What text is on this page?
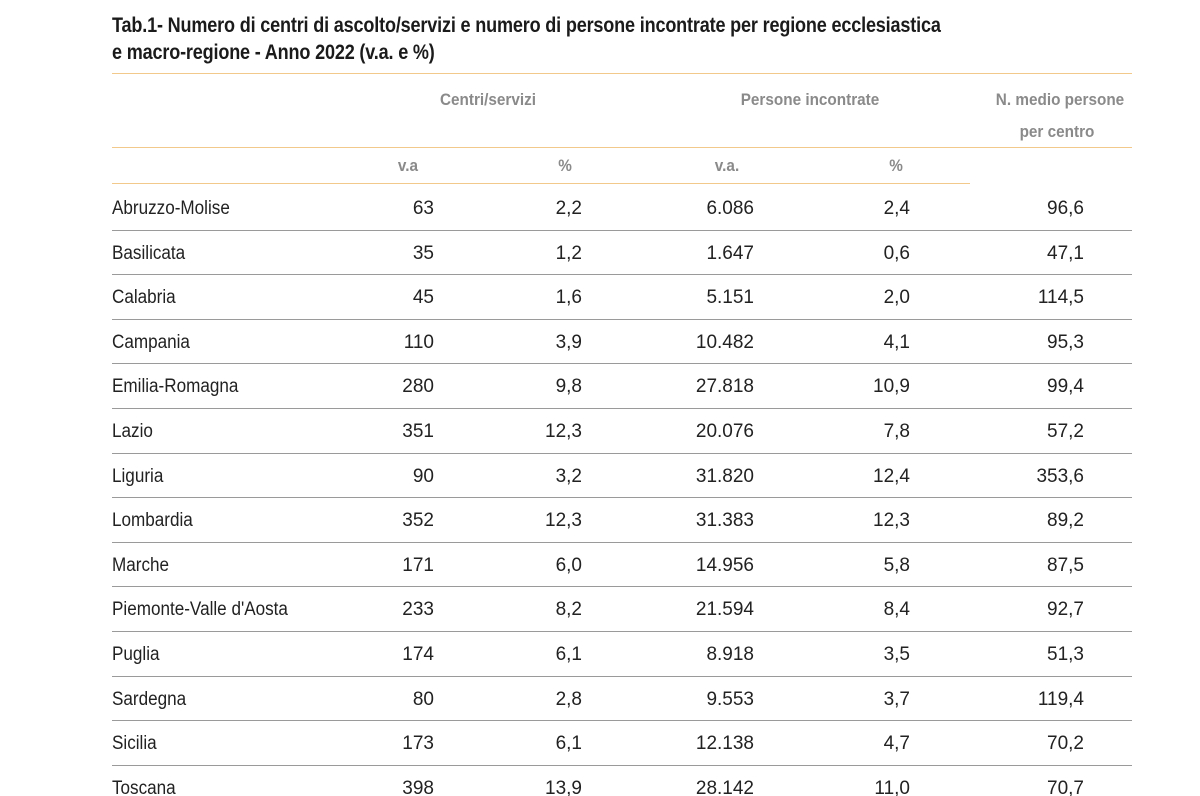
Tab.1- Numero di centri di ascolto/servizi e numero di persone incontrate per regione ecclesiastica
e macro-regione - Anno 2022 (v.a. e %)
Centri/servizi	Persone incontrate	N. medio persone
per centro
v.a	%	v.a.	%
Abruzzo-Molise	63	2,2	6.086	2,4	96,6
Basilicata	35	1,2	1.647	0,6	47,1
Calabria	45	1,6	5.151	2,0	114,5
Campania	110	3,9	10.482	4,1	95,3
Emilia-Romagna	280	9,8	27.818	10,9	99,4
Lazio	351	12,3	20.076	7,8	57,2
Liguria	90	3,2	31.820	12,4	353,6
Lombardia	352	12,3	31.383	12,3	89,2
Marche	171	6,0	14.956	5,8	87,5
Piemonte-Valle d'Aosta	233	8,2	21.594	8,4	92,7
Puglia	174	6,1	8.918	3,5	51,3
Sardegna	80	2,8	9.553	3,7	119,4
Sicilia	173	6,1	12.138	4,7	70,2
Toscana	398	13,9	28.142	11,0	70,7
